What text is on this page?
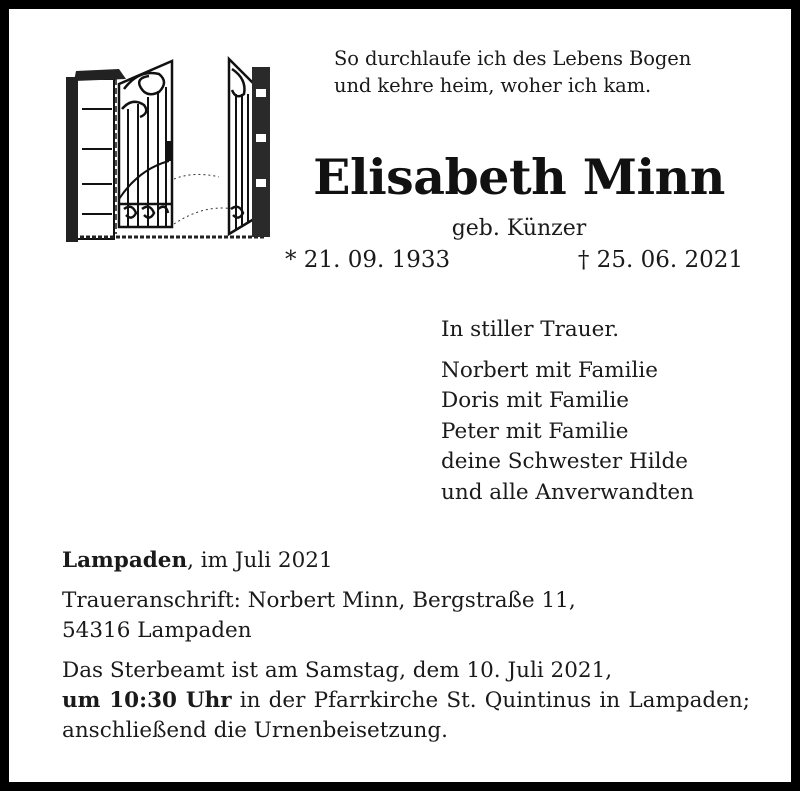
So durchlaufe ich des Lebens Bogen
und kehre heim, woher ich kam.
Elisabeth Minn
geb. Künzer
* 21. 09. 1933	† 25. 06. 2021
In stiller Trauer.
Norbert mit Familie
Doris mit Familie
Peter mit Familie
deine Schwester Hilde
und alle Anverwandten

Lampaden, im Juli 2021

Traueranschrift: Norbert Minn, Bergstraße 11,
54316 Lampaden

Das Sterbeamt ist am Samstag, dem 10. Juli 2021,
um 10:30 Uhr in der Pfarrkirche St. Quintinus in Lampaden; anschließend die Urnenbeisetzung.
